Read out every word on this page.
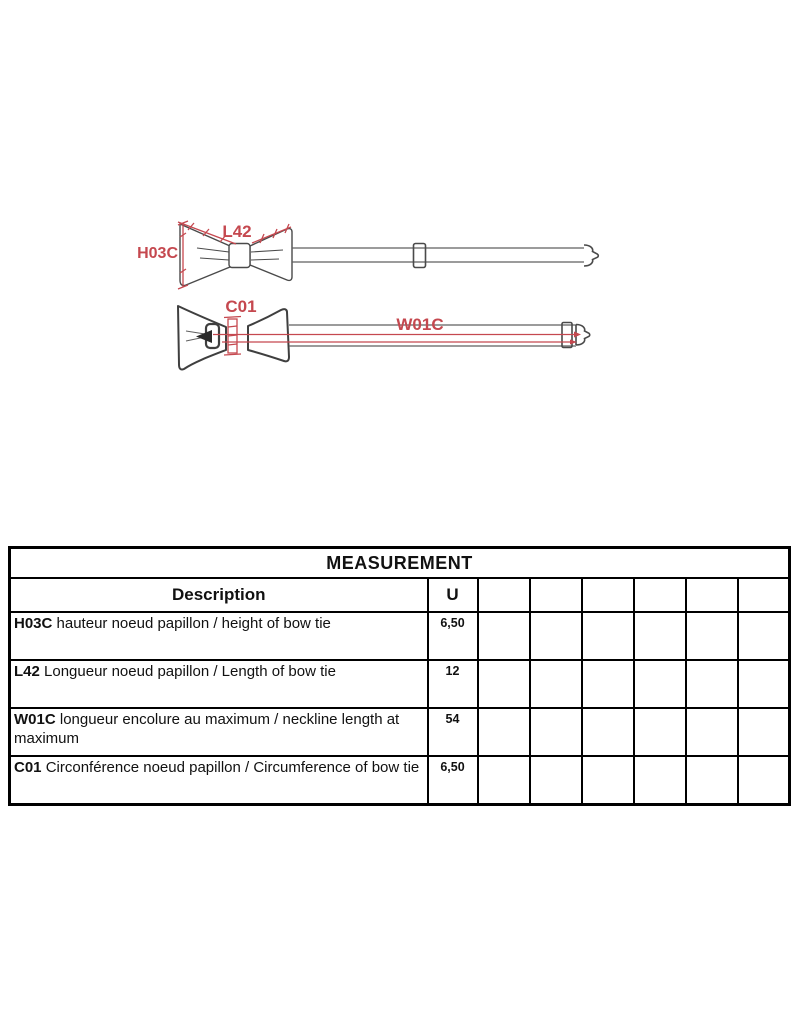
H03C
L42
C01
W01C
MEASUREMENT							
Description	U						
H03C hauteur noeud papillon / height of bow tie	6,50						
L42 Longueur noeud papillon / Length of bow tie	12						
W01C longueur encolure au maximum / neckline length at maximum	54						
C01 Circonférence noeud papillon / Circumference of bow tie	6,50						
